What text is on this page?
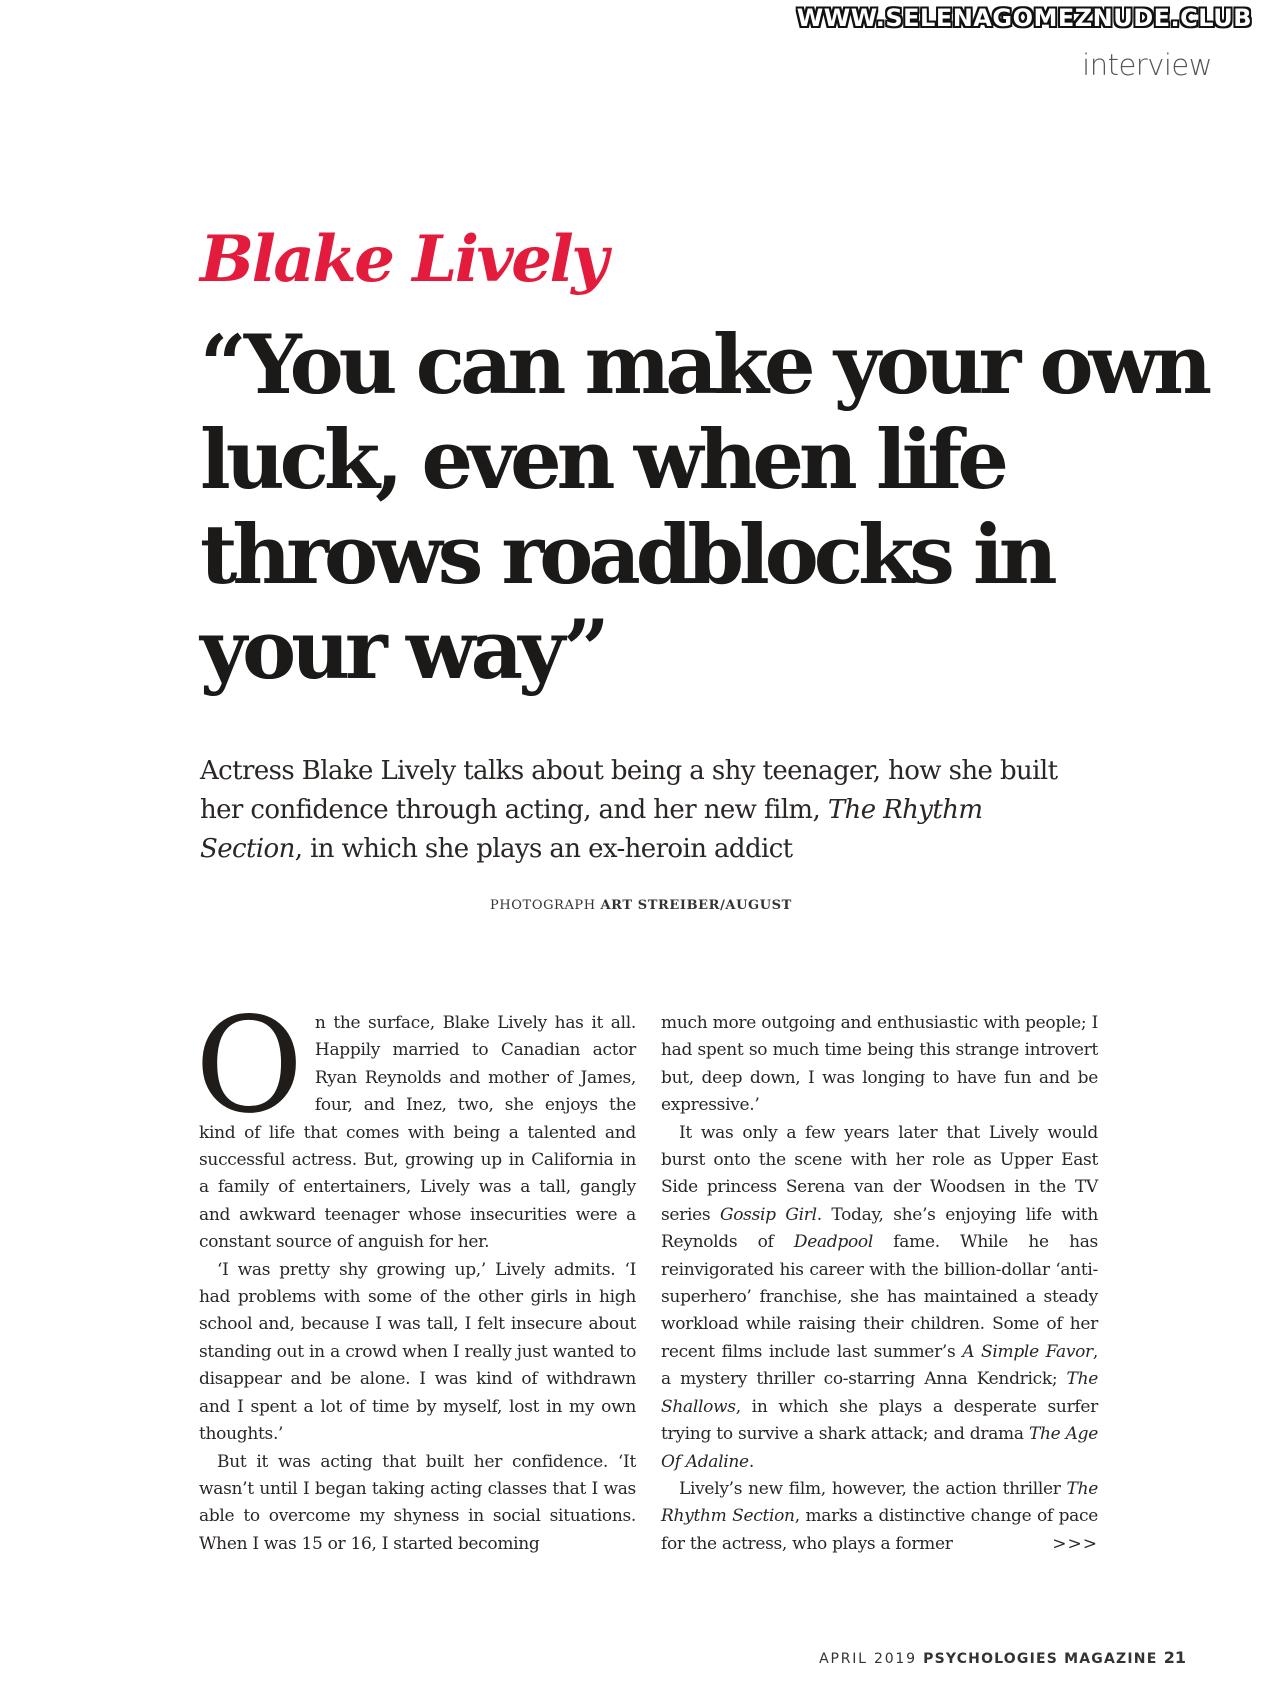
WWW.SELENAGOMEZNUDE.CLUB
interview
Blake Lively
“You can make your own luck, even when life throws roadblocks in your way”

Actress Blake Lively talks about being a shy teenager, how she built her confidence through acting, and her new film, The Rhythm Section, in which she plays an ex-heroin addict

PHOTOGRAPH ART STREIBER/AUGUST

On the surface, Blake Lively has it all. Happily married to Canadian actor Ryan Reynolds and mother of James, four, and Inez, two, she enjoys the kind of life that comes with being a talented and successful actress. But, growing up in California in a family of entertainers, Lively was a tall, gangly and awkward teenager whose insecurities were a constant source of anguish for her.

‘I was pretty shy growing up,’ Lively admits. ‘I had problems with some of the other girls in high school and, because I was tall, I felt insecure about standing out in a crowd when I really just wanted to disappear and be alone. I was kind of withdrawn and I spent a lot of time by myself, lost in my own thoughts.’

But it was acting that built her confidence. ‘It wasn’t until I began taking acting classes that I was able to overcome my shyness in social situations. When I was 15 or 16, I started becoming

much more outgoing and enthusiastic with people; I had spent so much time being this strange introvert but, deep down, I was longing to have fun and be expressive.’

It was only a few years later that Lively would burst onto the scene with her role as Upper East Side princess Serena van der Woodsen in the TV series Gossip Girl. Today, she’s enjoying life with Reynolds of Deadpool fame. While he has reinvigorated his career with the billion-dollar ‘anti-superhero’ franchise, she has maintained a steady workload while raising their children. Some of her recent films include last summer’s A Simple Favor, a mystery thriller co-starring Anna Kendrick; The Shallows, in which she plays a desperate surfer trying to survive a shark attack; and drama The Age Of Adaline.

Lively’s new film, however, the action thriller The Rhythm Section, marks a distinctive change of pace for the actress, who plays a former	>>>

APRIL 2019 PSYCHOLOGIES MAGAZINE 21
